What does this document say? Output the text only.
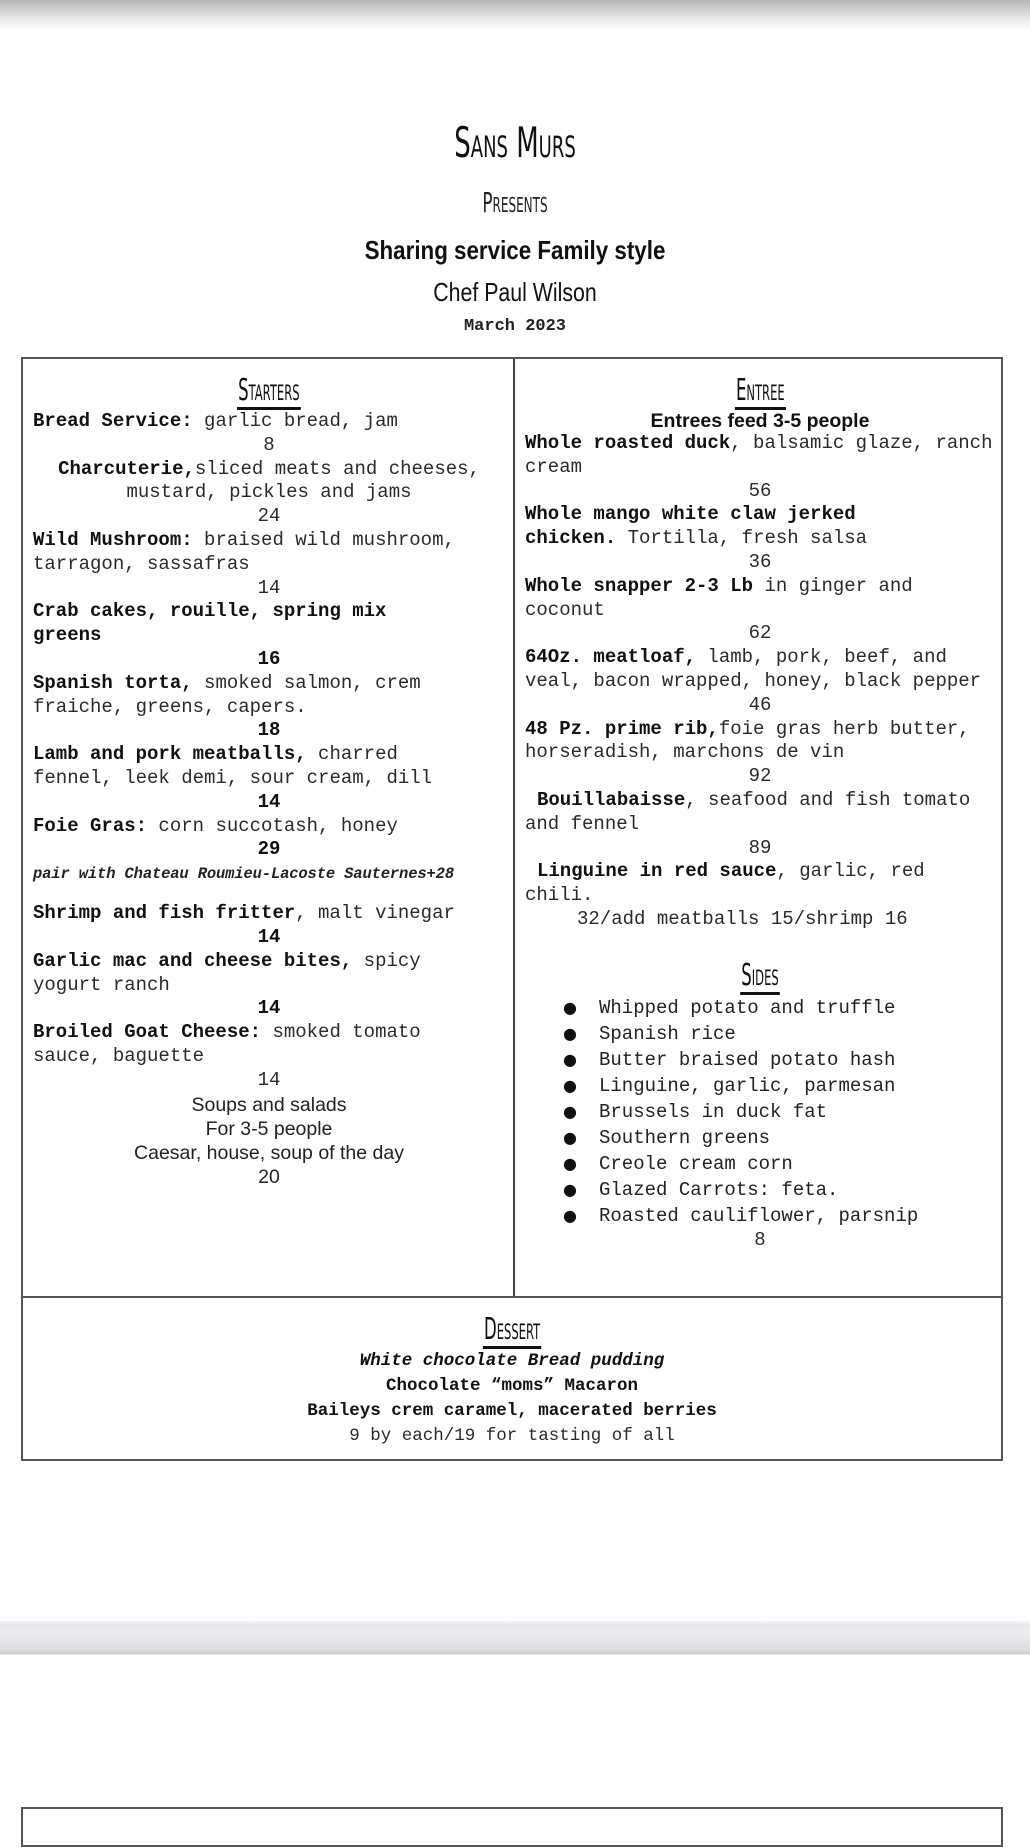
Sans Murs
Presents
Sharing service Family style
Chef Paul Wilson
March 2023
Starters
Bread Service: garlic bread, jam
8
Charcuterie,sliced meats and cheeses, mustard, pickles and jams
24
Wild Mushroom: braised wild mushroom, tarragon, sassafras
14
Crab cakes, rouille, spring mix greens
16
Spanish torta, smoked salmon, crem fraiche, greens, capers.
18
Lamb and pork meatballs, charred fennel, leek demi, sour cream, dill
14
Foie Gras: corn succotash, honey
29
pair with Chateau Roumieu-Lacoste Sauternes+28
Shrimp and fish fritter, malt vinegar
14
Garlic mac and cheese bites, spicy yogurt ranch
14
Broiled Goat Cheese: smoked tomato sauce, baguette
14
Soups and salads
For 3-5 people
Caesar, house, soup of the day
20
Entree
Entrees feed 3-5 people
Whole roasted duck, balsamic glaze, ranch cream
56
Whole mango white claw jerked chicken. Tortilla, fresh salsa
36
Whole snapper 2-3 Lb in ginger and coconut
62
64Oz. meatloaf, lamb, pork, beef, and veal, bacon wrapped, honey, black pepper
46
48 Pz. prime rib,foie gras herb butter, horseradish, marchons de vin
92
Bouillabaisse, seafood and fish tomato and fennel
89
Linguine in red sauce, garlic, red chili.
32/add meatballs 15/shrimp 16
Sides
● Whipped potato and truffle
● Spanish rice
● Butter braised potato hash
● Linguine, garlic, parmesan
● Brussels in duck fat
● Southern greens
● Creole cream corn
● Glazed Carrots: feta.
● Roasted cauliflower, parsnip
8
Dessert
White chocolate Bread pudding
Chocolate “moms” Macaron
Baileys crem caramel, macerated berries
9 by each/19 for tasting of all
